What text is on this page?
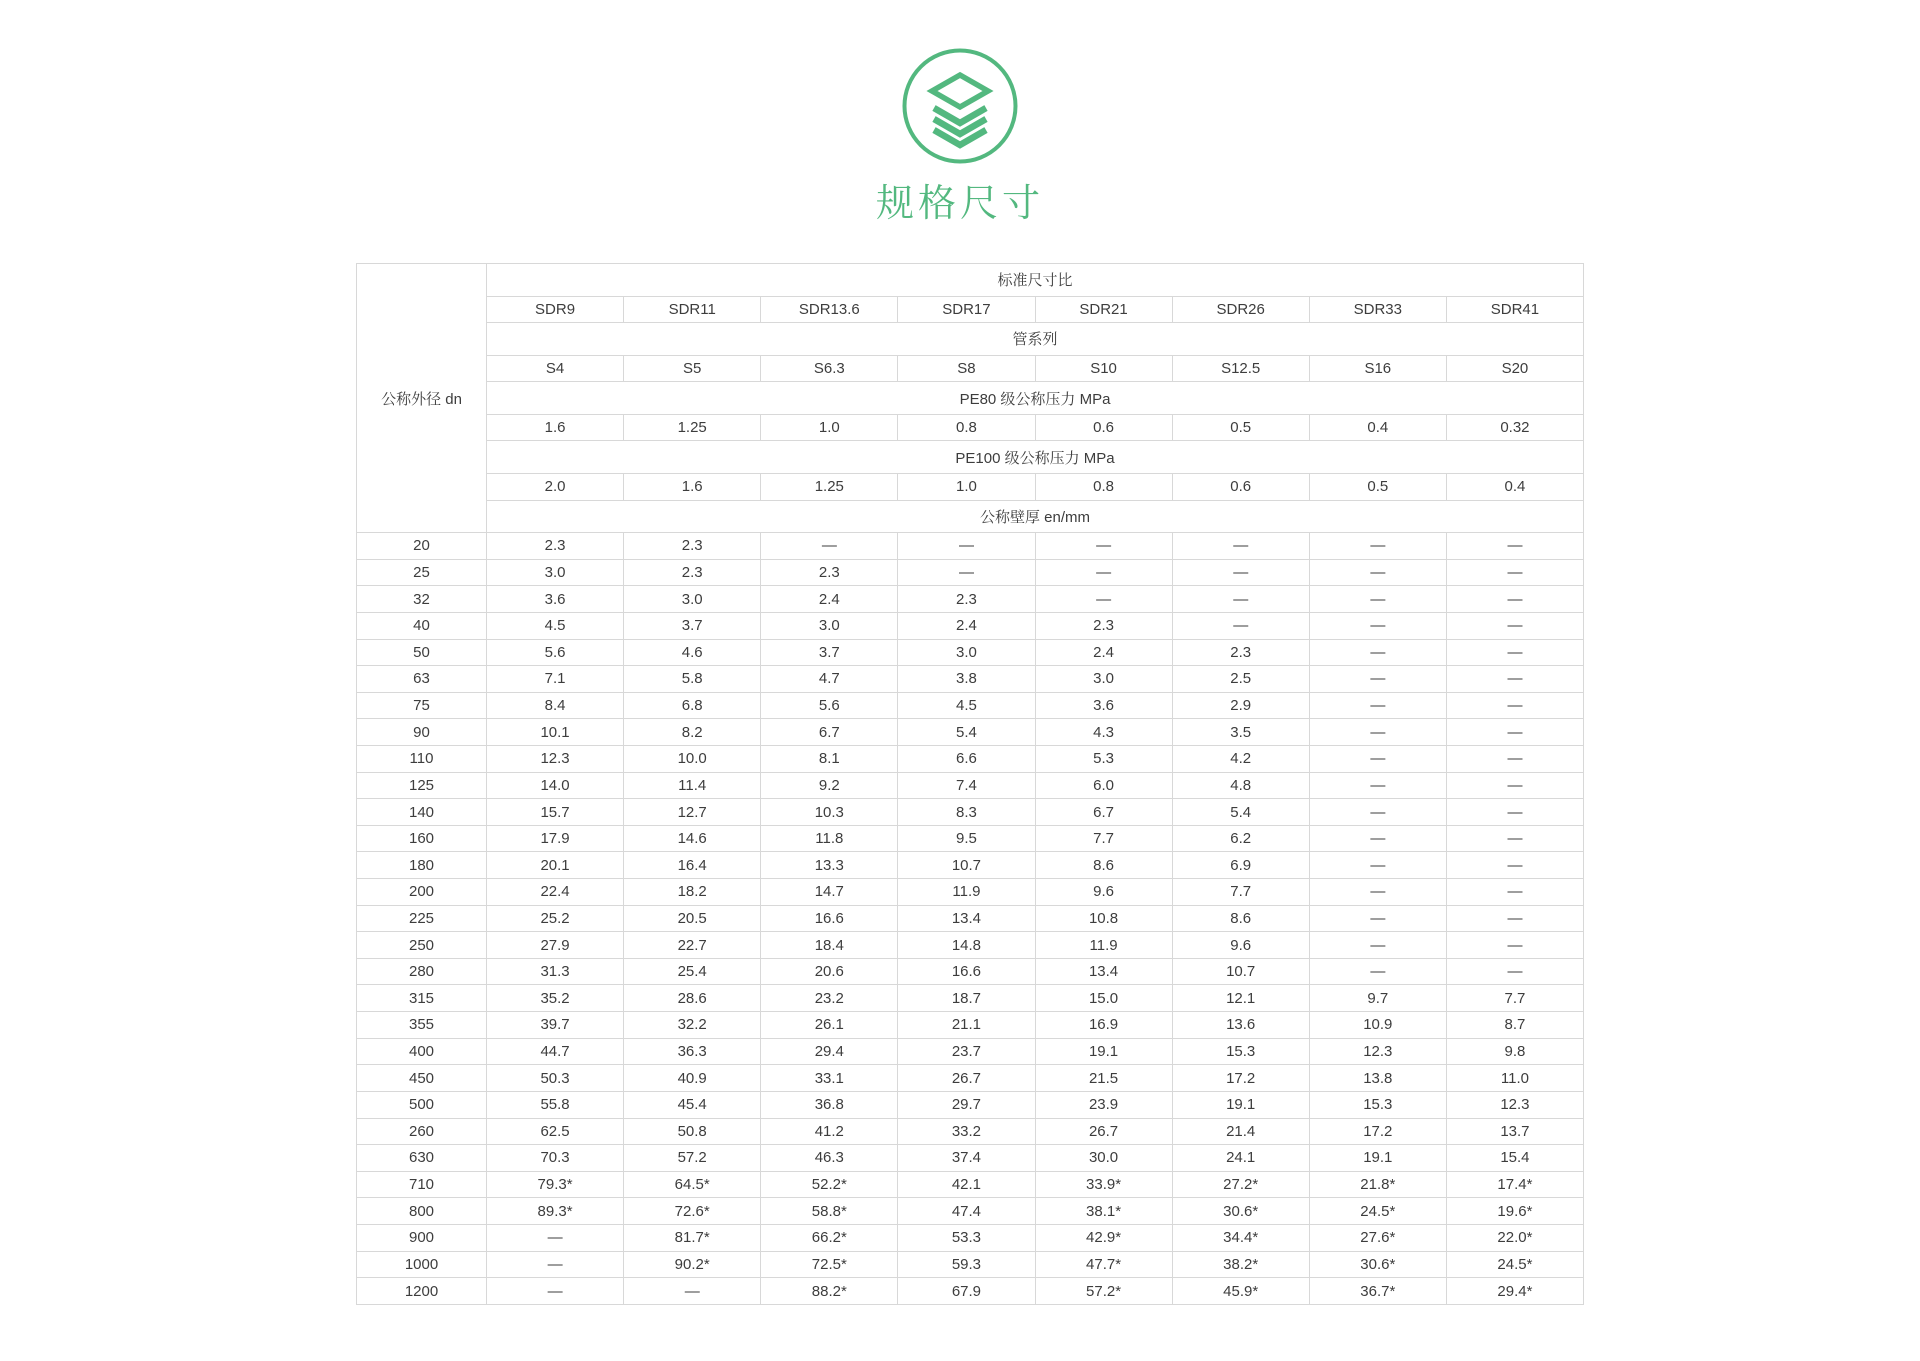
规格尺寸
公称外径 dn	标准尺寸比							
	SDR9	SDR11	SDR13.6	SDR17	SDR21	SDR26	SDR33	SDR41
	管系列							
	S4	S5	S6.3	S8	S10	S12.5	S16	S20
	PE80 级公称压力 MPa							
	1.6	1.25	1.0	0.8	0.6	0.5	0.4	0.32
	PE100 级公称压力 MPa							
	2.0	1.6	1.25	1.0	0.8	0.6	0.5	0.4
	公称壁厚 en/mm							
20	2.3	2.3	—	—	—	—	—	—
25	3.0	2.3	2.3	—	—	—	—	—
32	3.6	3.0	2.4	2.3	—	—	—	—
40	4.5	3.7	3.0	2.4	2.3	—	—	—
50	5.6	4.6	3.7	3.0	2.4	2.3	—	—
63	7.1	5.8	4.7	3.8	3.0	2.5	—	—
75	8.4	6.8	5.6	4.5	3.6	2.9	—	—
90	10.1	8.2	6.7	5.4	4.3	3.5	—	—
110	12.3	10.0	8.1	6.6	5.3	4.2	—	—
125	14.0	11.4	9.2	7.4	6.0	4.8	—	—
140	15.7	12.7	10.3	8.3	6.7	5.4	—	—
160	17.9	14.6	11.8	9.5	7.7	6.2	—	—
180	20.1	16.4	13.3	10.7	8.6	6.9	—	—
200	22.4	18.2	14.7	11.9	9.6	7.7	—	—
225	25.2	20.5	16.6	13.4	10.8	8.6	—	—
250	27.9	22.7	18.4	14.8	11.9	9.6	—	—
280	31.3	25.4	20.6	16.6	13.4	10.7	—	—
315	35.2	28.6	23.2	18.7	15.0	12.1	9.7	7.7
355	39.7	32.2	26.1	21.1	16.9	13.6	10.9	8.7
400	44.7	36.3	29.4	23.7	19.1	15.3	12.3	9.8
450	50.3	40.9	33.1	26.7	21.5	17.2	13.8	11.0
500	55.8	45.4	36.8	29.7	23.9	19.1	15.3	12.3
260	62.5	50.8	41.2	33.2	26.7	21.4	17.2	13.7
630	70.3	57.2	46.3	37.4	30.0	24.1	19.1	15.4
710	79.3*	64.5*	52.2*	42.1	33.9*	27.2*	21.8*	17.4*
800	89.3*	72.6*	58.8*	47.4	38.1*	30.6*	24.5*	19.6*
900	—	81.7*	66.2*	53.3	42.9*	34.4*	27.6*	22.0*
1000	—	90.2*	72.5*	59.3	47.7*	38.2*	30.6*	24.5*
1200	—	—	88.2*	67.9	57.2*	45.9*	36.7*	29.4*
